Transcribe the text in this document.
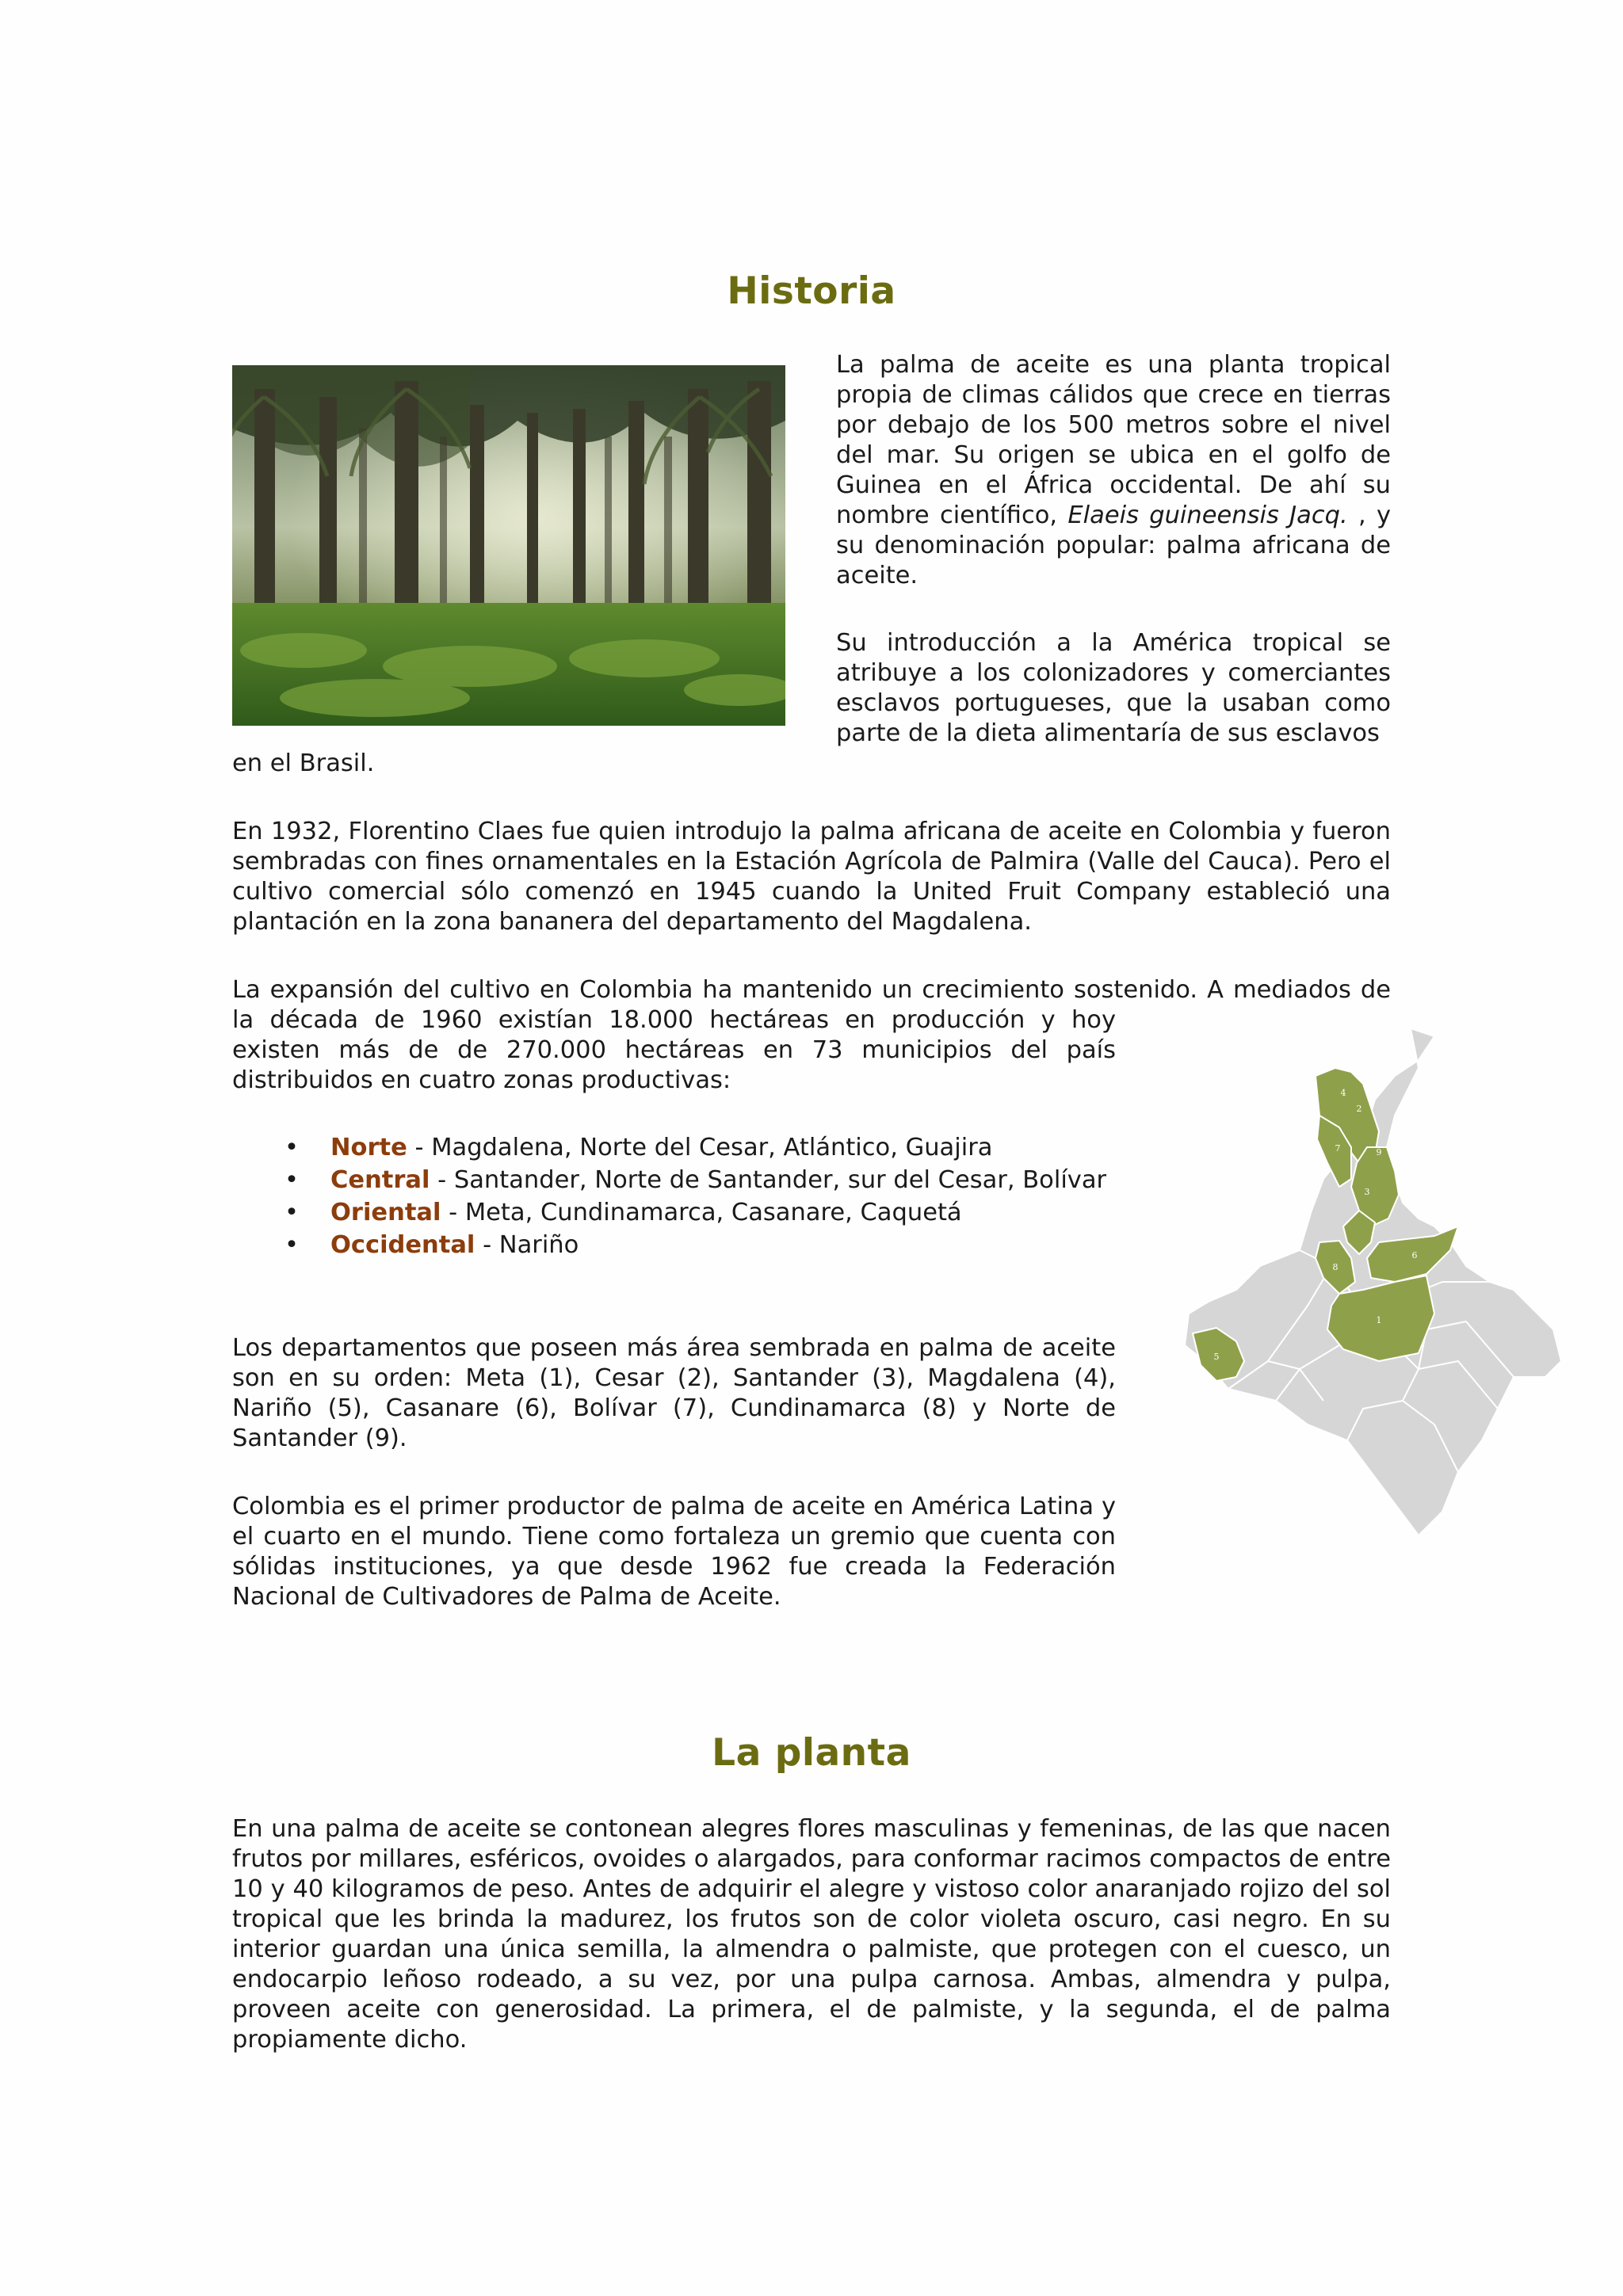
Historia

La palma de aceite es una planta tropical propia de climas cálidos que crece en tierras por debajo de los 500 metros sobre el nivel del mar. Su origen se ubica en el golfo de Guinea en el África occidental. De ahí su nombre científico, Elaeis guineensis Jacq. , y su denominación popular: palma africana de aceite.

Su introducción a la América tropical se atribuye a los colonizadores y comerciantes esclavos portugueses, que la usaban como parte de la dieta alimentaría de sus esclavos

en el Brasil.

En 1932, Florentino Claes fue quien introdujo la palma africana de aceite en Colombia y fueron sembradas con fines ornamentales en la Estación Agrícola de Palmira (Valle del Cauca). Pero el cultivo comercial sólo comenzó en 1945 cuando la United Fruit Company estableció una plantación en la zona bananera del departamento del Magdalena.

La expansión del cultivo en Colombia ha mantenido un crecimiento sostenido. A mediados de

la década de 1960 existían 18.000 hectáreas en producción y hoy existen más de de 270.000 hectáreas en 73 municipios del país distribuidos en cuatro zonas productivas:

• Norte - Magdalena, Norte del Cesar, Atlántico, Guajira
• Central - Santander, Norte de Santander, sur del Cesar, Bolívar
• Oriental - Meta, Cundinamarca, Casanare, Caquetá
• Occidental - Nariño

Los departamentos que poseen más área sembrada en palma de aceite son en su orden: Meta (1), Cesar (2), Santander (3), Magdalena (4), Nariño (5), Casanare (6), Bolívar (7), Cundinamarca (8) y Norte de Santander (9).

Colombia es el primer productor de palma de aceite en América Latina y el cuarto en el mundo. Tiene como fortaleza un gremio que cuenta con sólidas instituciones, ya que desde 1962 fue creada la Federación Nacional de Cultivadores de Palma de Aceite.

4
2
7	9
3
8
6
1
5
La planta

En una palma de aceite se contonean alegres flores masculinas y femeninas, de las que nacen frutos por millares, esféricos, ovoides o alargados, para conformar racimos compactos de entre 10 y 40 kilogramos de peso. Antes de adquirir el alegre y vistoso color anaranjado rojizo del sol tropical que les brinda la madurez, los frutos son de color violeta oscuro, casi negro. En su interior guardan una única semilla, la almendra o palmiste, que protegen con el cuesco, un endocarpio leñoso rodeado, a su vez, por una pulpa carnosa. Ambas, almendra y pulpa, proveen aceite con generosidad. La primera, el de palmiste, y la segunda, el de palma propiamente dicho.
